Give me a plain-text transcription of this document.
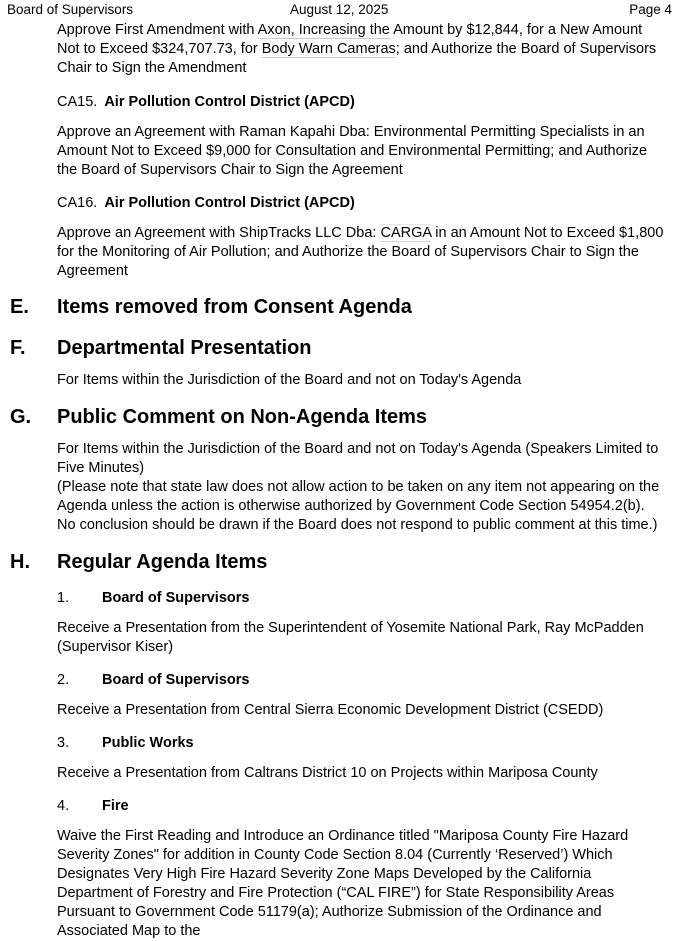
Board of Supervisors	August 12, 2025	Page 4

Approve First Amendment with Axon, Increasing the Amount by $12,844, for a New Amount Not to Exceed $324,707.73, for Body Warn Cameras; and Authorize the Board of Supervisors Chair to Sign the Amendment

CA15. Air Pollution Control District (APCD)

Approve an Agreement with Raman Kapahi Dba: Environmental Permitting Specialists in an Amount Not to Exceed $9,000 for Consultation and Environmental Permitting; and Authorize the Board of Supervisors Chair to Sign the Agreement

CA16. Air Pollution Control District (APCD)

Approve an Agreement with ShipTracks LLC Dba: CARGA in an Amount Not to Exceed $1,800 for the Monitoring of Air Pollution; and Authorize the Board of Supervisors Chair to Sign the Agreement

E. Items removed from Consent Agenda
F. Departmental Presentation

For Items within the Jurisdiction of the Board and not on Today's Agenda

G. Public Comment on Non-Agenda Items

For Items within the Jurisdiction of the Board and not on Today's Agenda (Speakers Limited to Five Minutes)

(Please note that state law does not allow action to be taken on any item not appearing on the Agenda unless the action is otherwise authorized by Government Code Section 54954.2(b). No conclusion should be drawn if the Board does not respond to public comment at this time.)

H. Regular Agenda Items
1. Board of Supervisors

Receive a Presentation from the Superintendent of Yosemite National Park, Ray McPadden (Supervisor Kiser)

2. Board of Supervisors

Receive a Presentation from Central Sierra Economic Development District (CSEDD)

3. Public Works

Receive a Presentation from Caltrans District 10 on Projects within Mariposa County

4. Fire

Waive the First Reading and Introduce an Ordinance titled "Mariposa County Fire Hazard Severity Zones" for addition in County Code Section 8.04 (Currently ‘Reserved’) Which Designates Very High Fire Hazard Severity Zone Maps Developed by the California Department of Forestry and Fire Protection (“CAL FIRE”) for State Responsibility Areas Pursuant to Government Code 51179(a); Authorize Submission of the Ordinance and Associated Map to the
